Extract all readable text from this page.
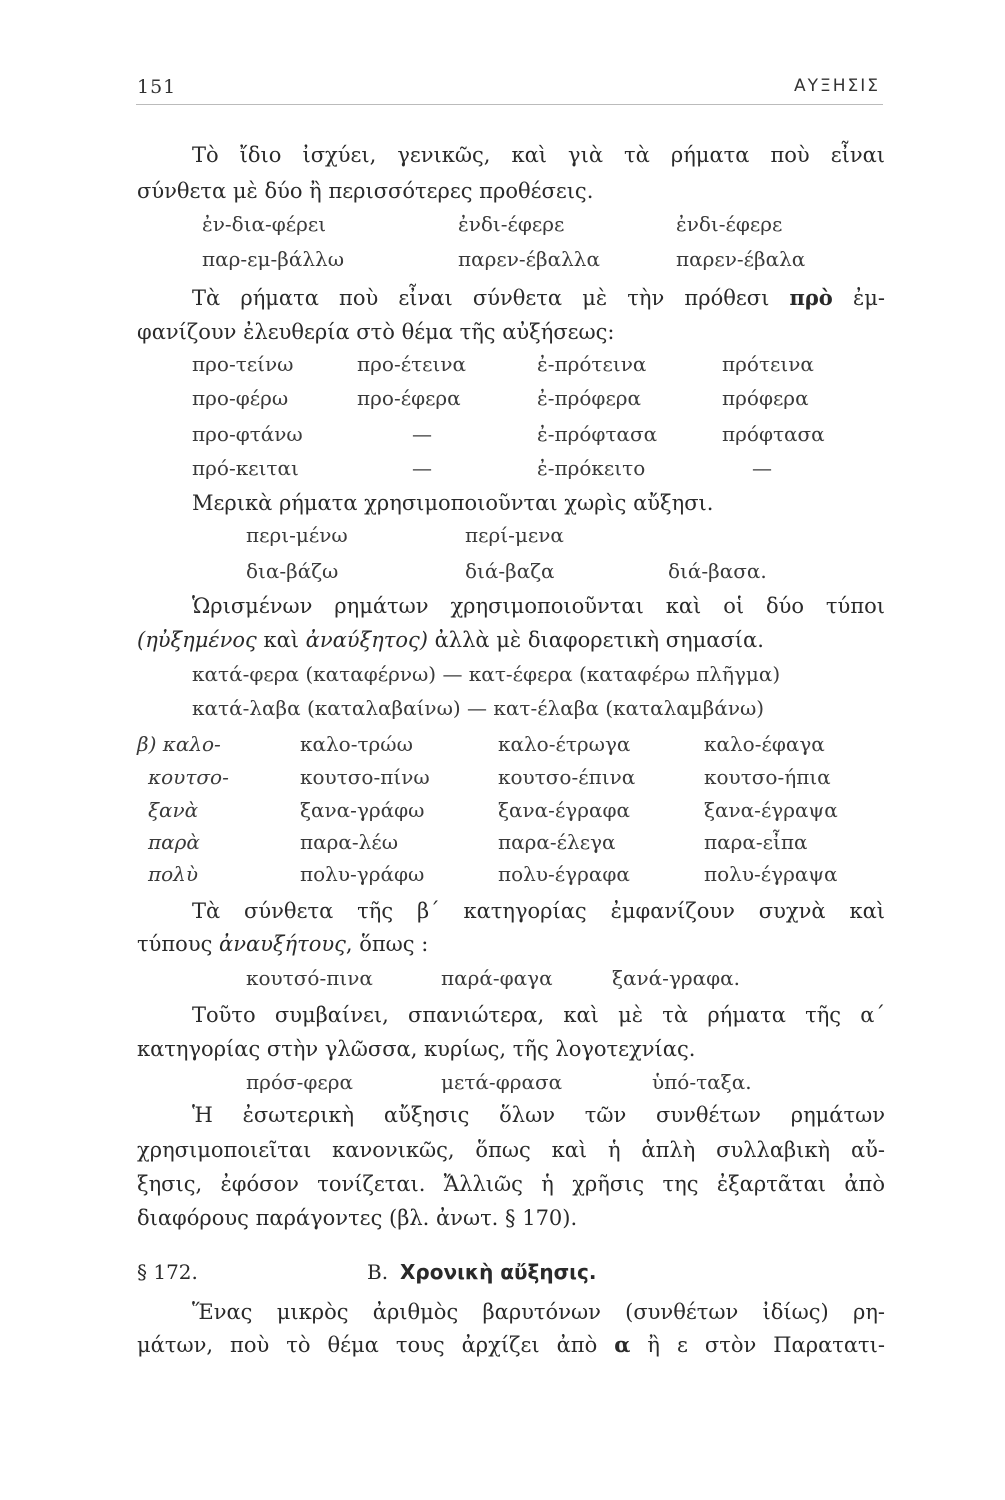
151	ΑΥΞΗΣΙΣ
Τὸ ἴδιο ἰσχύει, γενικῶς, καὶ γιὰ τὰ ρήματα ποὺ εἶναι
σύνθετα μὲ δύο ἢ περισσότερες προθέσεις.
ἐν-δια-φέρει	ἐνδι-έφερε	ἐνδι-έφερε
παρ-εμ-βάλλω	παρεν-έβαλλα	παρεν-έβαλα
Τὰ ρήματα ποὺ εἶναι σύνθετα μὲ τὴν πρόθεσι πρὸ ἐμ-
φανίζουν ἐλευθερία στὸ θέμα τῆς αὐξήσεως:
προ-τείνω	προ-έτεινα	ἐ-πρότεινα	πρότεινα
προ-φέρω	προ-έφερα	ἐ-πρόφερα	πρόφερα
προ-φτάνω	—	ἐ-πρόφτασα	πρόφτασα
πρό-κειται	—	ἐ-πρόκειτο	—
Μερικὰ ρήματα χρησιμοποιοῦνται χωρὶς αὔξησι.
περι-μένω	περί-μενα
δια-βάζω	διά-βαζα	διά-βασα.
Ὡρισμένων ρημάτων χρησιμοποιοῦνται καὶ οἱ δύο τύποι
(ηὐξημένος καὶ ἀναύξητος) ἀλλὰ μὲ διαφορετικὴ σημασία.
κατά-φερα (καταφέρνω) — κατ-έφερα (καταφέρω πλῆγμα)
κατά-λαβα (καταλαβαίνω) — κατ-έλαβα (καταλαμβάνω)
β) καλο-	καλο-τρώω	καλο-έτρωγα	καλο-έφαγα
κουτσο-	κουτσο-πίνω	κουτσο-έπινα	κουτσο-ήπια
ξανὰ	ξανα-γράφω	ξανα-έγραφα	ξανα-έγραψα
παρὰ	παρα-λέω	παρα-έλεγα	παρα-εἶπα
πολὺ	πολυ-γράφω	πολυ-έγραφα	πολυ-έγραψα
Τὰ σύνθετα τῆς β΄ κατηγορίας ἐμφανίζουν συχνὰ καὶ
τύπους ἀναυξήτους, ὅπως :
κουτσό-πινα	παρά-φαγα	ξανά-γραφα.
Τοῦτο συμβαίνει, σπανιώτερα, καὶ μὲ τὰ ρήματα τῆς α΄
κατηγορίας στὴν γλῶσσα, κυρίως, τῆς λογοτεχνίας.
πρόσ-φερα	μετά-φρασα	ὑπό-ταξα.
Ἡ ἐσωτερικὴ αὔξησις ὅλων τῶν συνθέτων ρημάτων
χρησιμοποιεῖται κανονικῶς, ὅπως καὶ ἡ ἁπλὴ συλλαβικὴ αὔ-
ξησις, ἐφόσον τονίζεται. Ἄλλιῶς ἡ χρῆσις της ἐξαρτᾶται ἀπὸ
διαφόρους παράγοντες (βλ. ἀνωτ. § 170).
§ 172.	Β. Χρονικὴ αὔξησις.
Ἕνας μικρὸς ἀριθμὸς βαρυτόνων (συνθέτων ἰδίως) ρη-
μάτων, ποὺ τὸ θέμα τους ἀρχίζει ἀπὸ α ἢ ε στὸν Παρατατι-
